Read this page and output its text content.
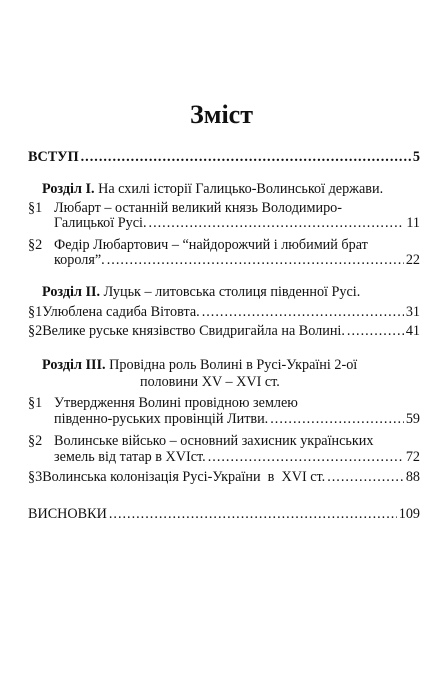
Зміст
ВСТУП .....	5
Розділ І. На схилі історії Галицько-Волинської держави.
§1 Любарт – останній великий князь Володимиро-
Галицької Русі. .....	11
§2 Федір Любартович – “найдорожчий і любимий брат
короля”. .....	22
Розділ ІІ. Луцьк – литовська столиця південної Русі.
§1 Улюблена садиба Вітовта. .....	31
§2 Велике руське князівство Свидригайла на Волині. .....	41
Розділ ІІІ. Провідна роль Волині в Русі-Україні 2-ої
половини XV – XVI ст.
§1 Утвердження Волині провідною землею
південно-руських провінцій Литви. .....	59
§2 Волинське військо – основний захисник українських
земель від татар в XVIст. .....	72
§3 Волинська колонізація Русі-України  в  XVI ст. .....	88
ВИСНОВКИ .....	109
